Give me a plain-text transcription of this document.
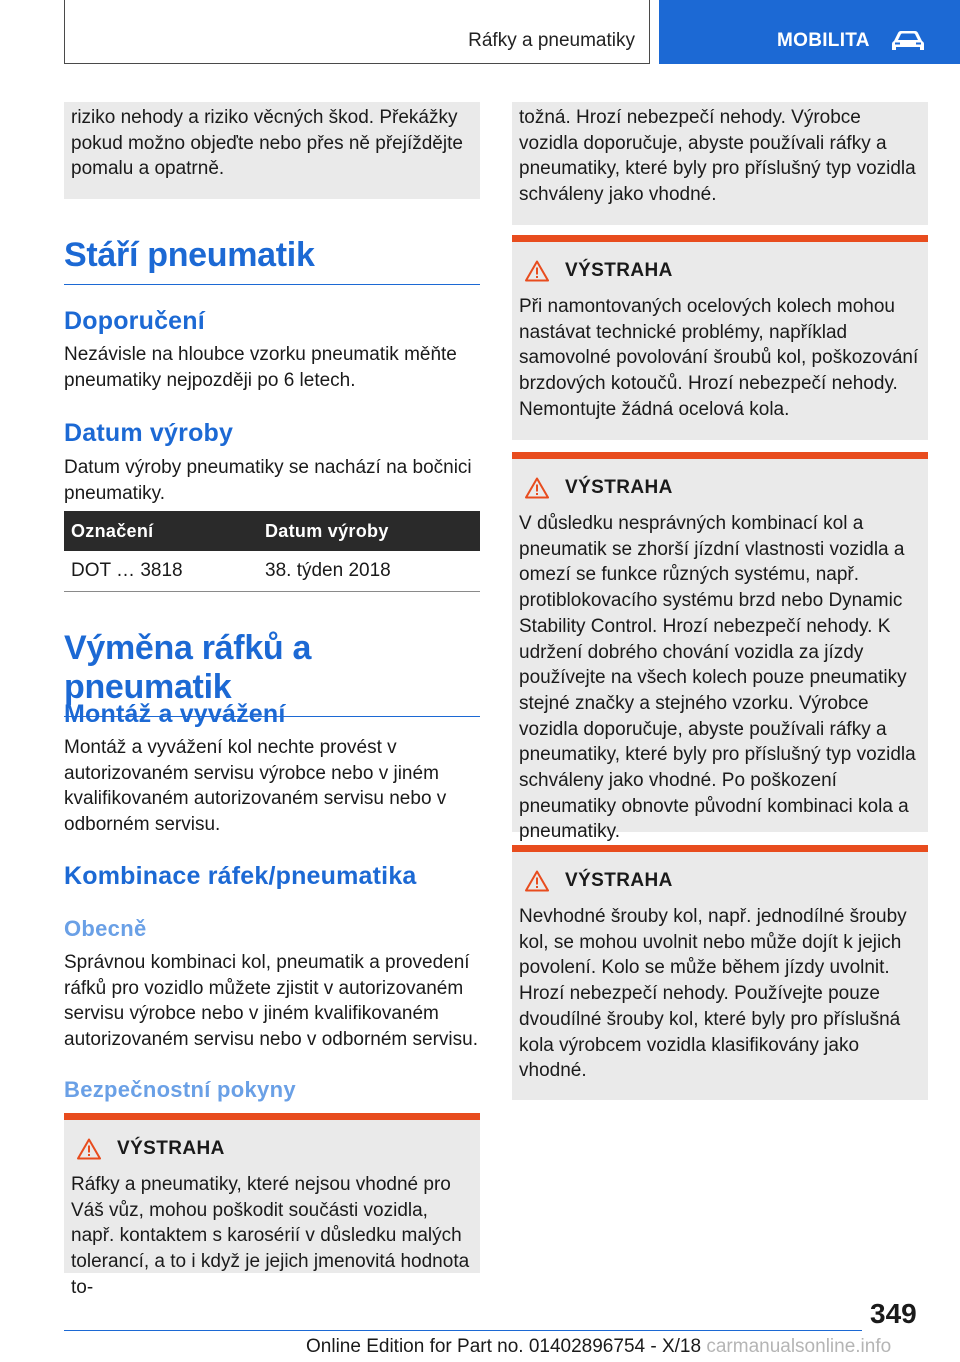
Ráfky a pneumatiky	MOBILITA
riziko nehody a riziko věcných škod. Překážky pokud možno objeďte nebo přes ně přejíždějte pomalu a opatrně.
Stáří pneumatik
Doporučení

Nezávisle na hloubce vzorku pneumatik měňte pneumatiky nejpozději po 6 letech.

Datum výroby

Datum výroby pneumatiky se nachází na bočnici pneumatiky.

Označení	Datum výroby
DOT … 3818	38. týden 2018
Výměna ráfků a pneumatik
Montáž a vyvážení

Montáž a vyvážení kol nechte provést v autorizovaném servisu výrobce nebo v jiném kvalifikovaném autorizovaném servisu nebo v odborném servisu.

Kombinace ráfek/pneumatika
Obecně

Správnou kombinaci kol, pneumatik a provedení ráfků pro vozidlo můžete zjistit v autorizovaném servisu výrobce nebo v jiném kvalifikovaném autorizovaném servisu nebo v odborném servisu.

Bezpečnostní pokyny
VÝSTRAHA

Ráfky a pneumatiky, které nejsou vhodné pro Váš vůz, mohou poškodit součásti vozidla, např. kontaktem s karosérií v důsledku malých tolerancí, a to i když je jejich jmenovitá hodnota to-

tožná. Hrozí nebezpečí nehody. Výrobce vozidla doporučuje, abyste používali ráfky a pneumatiky, které byly pro příslušný typ vozidla schváleny jako vhodné.
VÝSTRAHA

Při namontovaných ocelových kolech mohou nastávat technické problémy, například samovolné povolování šroubů kol, poškozování brzdových kotoučů. Hrozí nebezpečí nehody. Nemontujte žádná ocelová kola.

VÝSTRAHA

V důsledku nesprávných kombinací kol a pneumatik se zhorší jízdní vlastnosti vozidla a omezí se funkce různých systému, např. protiblokovacího systému brzd nebo Dynamic Stability Control. Hrozí nebezpečí nehody. K udržení dobrého chování vozidla za jízdy používejte na všech kolech pouze pneumatiky stejné značky a stejného vzorku. Výrobce vozidla doporučuje, abyste používali ráfky a pneumatiky, které byly pro příslušný typ vozidla schváleny jako vhodné. Po poškození pneumatiky obnovte původní kombinaci kola a pneumatiky.

VÝSTRAHA

Nevhodné šrouby kol, např. jednodílné šrouby kol, se mohou uvolnit nebo může dojít k jejich povolení. Kolo se může během jízdy uvolnit. Hrozí nebezpečí nehody. Používejte pouze dvoudílné šrouby kol, které byly pro příslušná kola výrobcem vozidla klasifikovány jako vhodné.

349
Online Edition for Part no. 01402896754 - X/18 carmanualsonline.info
